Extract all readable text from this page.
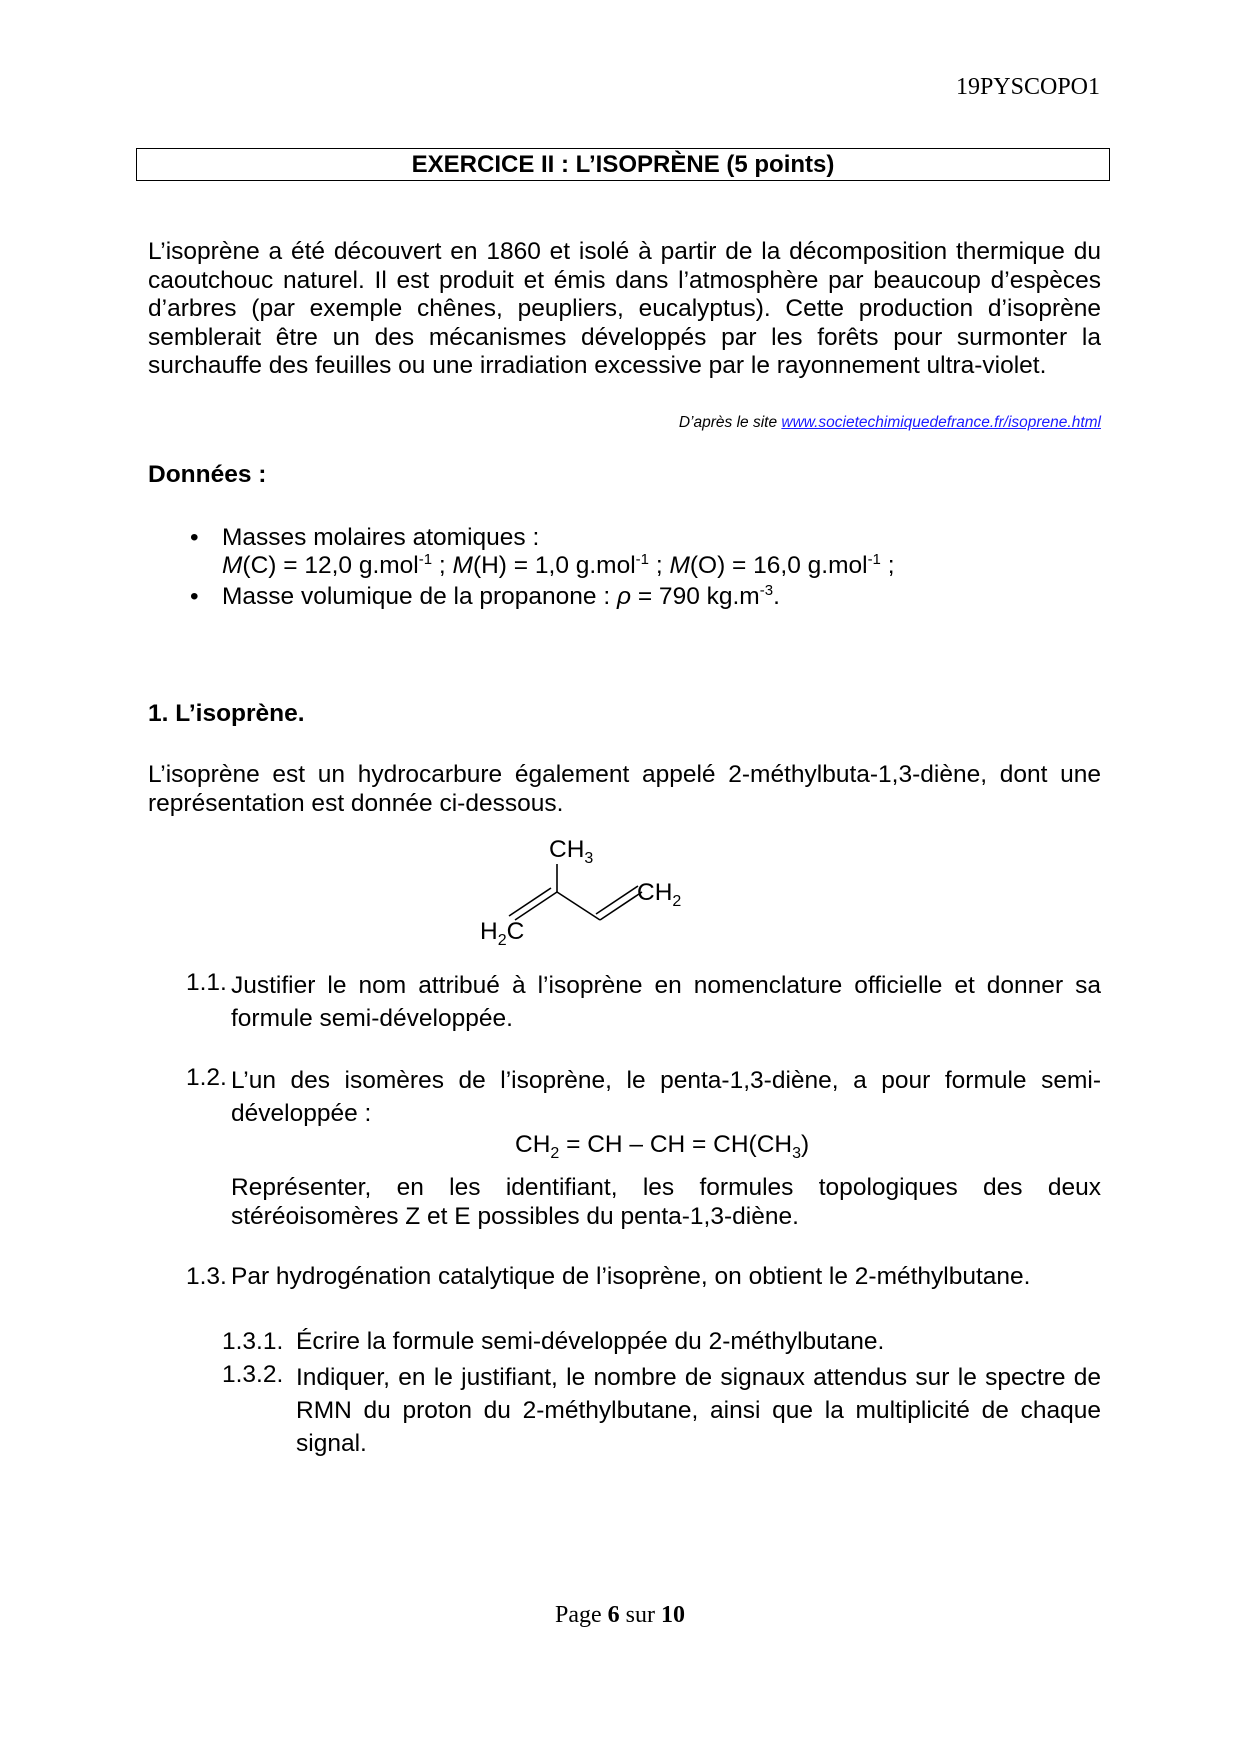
19PYSCOPO1
EXERCICE II : L’ISOPRÈNE (5 points)
L’isoprène a été découvert en 1860 et isolé à partir de la décomposition thermique du caoutchouc naturel. Il est produit et émis dans l’atmosphère par beaucoup d’espèces d’arbres (par exemple chênes, peupliers, eucalyptus). Cette production d’isoprène semblerait être un des mécanismes développés par les forêts pour surmonter la surchauffe des feuilles ou une irradiation excessive par le rayonnement ultra-violet.
D’après le site www.societechimiquedefrance.fr/isoprene.html
Données :
• Masses molaires atomiques :
M(C) = 12,0 g.mol$^{-1}$ ; M(H) = 1,0 g.mol$^{-1}$ ; M(O) = 16,0 g.mol$^{-1}$ ;
• Masse volumique de la propanone : ρ = 790 $kg.m^{-3}$.
1. L’isoprène.
L’isoprène est un hydrocarbure également appelé 2-méthylbuta-1,3-diène, dont une représentation est donnée ci-dessous.
$CH_3$
$CH_2$
$H_2C$
1.1. Justifier le nom attribué à l’isoprène en nomenclature officielle et donner sa formule semi-développée.
1.2. L’un des isomères de l’isoprène, le penta-1,3-diène, a pour formule semi-développée :
$CH_2$ = CH – CH = $CH(CH_3)$
Représenter, en les identifiant, les formules topologiques des deux stéréoisomères Z et E possibles du penta-1,3-diène.
1.3. Par hydrogénation catalytique de l’isoprène, on obtient le 2-méthylbutane.
1.3.1. Écrire la formule semi-développée du 2-méthylbutane.
1.3.2. Indiquer, en le justifiant, le nombre de signaux attendus sur le spectre de RMN du proton du 2-méthylbutane, ainsi que la multiplicité de chaque signal.
Page 6 sur 10
